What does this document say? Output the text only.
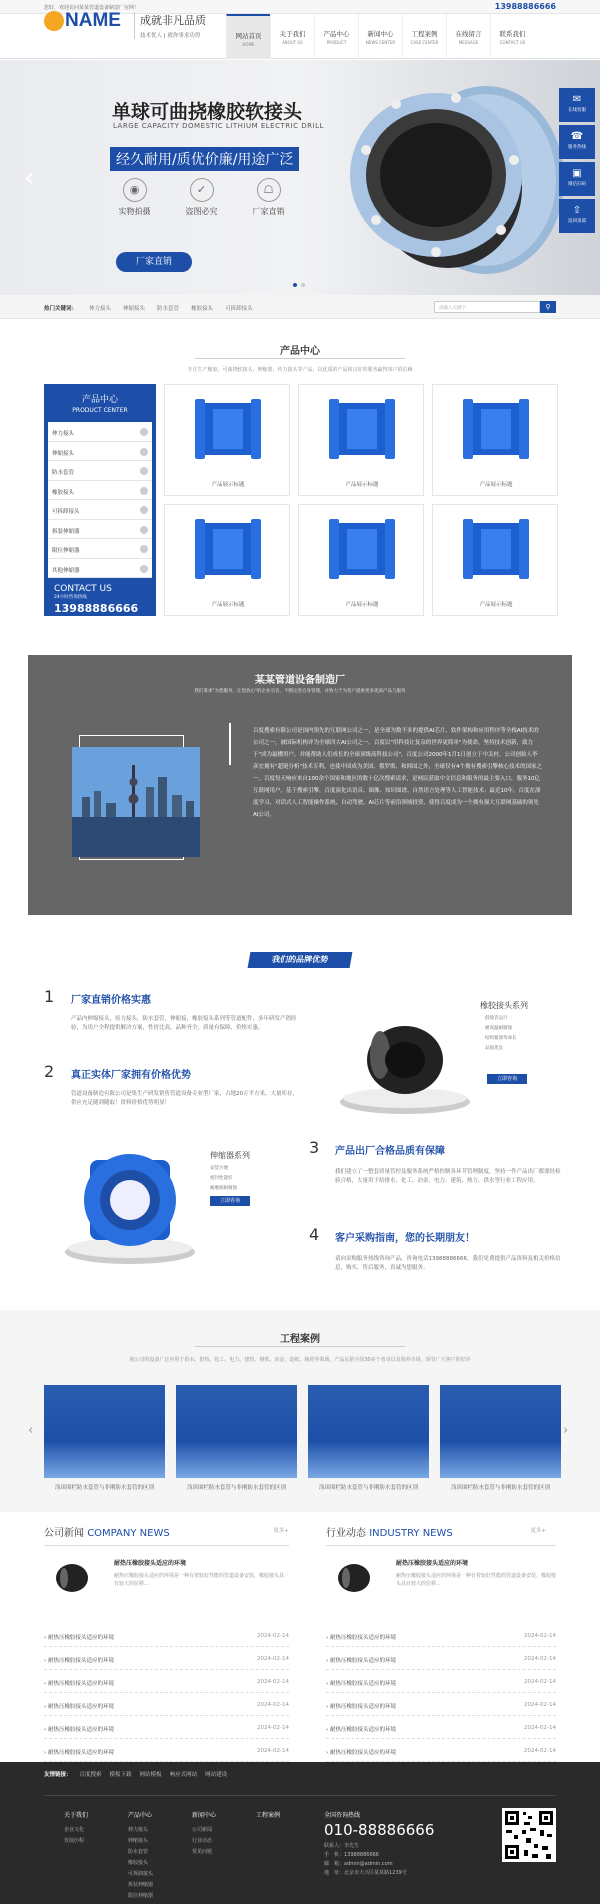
您好，欢迎访问某某管道设备制造厂官网！	13988886666
NAME 成就非凡品质
技术优人 | 就你事求功得	网站首页
HOME
关于我们
ABOUT US
产品中心
PRODUCT
新闻中心
NEWS CENTER
工程案例
CASE CENTER
在线留言
MESSAGE
联系我们
CONTACT US
‹
单球可曲挠橡胶软接头
LARGE CAPACITY DOMESTIC LITHIUM ELECTRIC DRILL
经久耐用/质优价廉/用途广泛
◉
实物拍摄
✓
盗图必究
☖
厂家直销
厂家直销
✉
在线客服
☎
服务热线
▣
微信扫码
⇧
返回顶部
热门关键词： 伸力接头 伸缩接头 防水套管 橡胶接头 可拆卸接头	请输入关键字	⚲
产品中心
专注生产橡胶，可曲挠软接头，伸缩器，传力接头等产品，以优质的产品和良好的服务赢得客户的信赖
产品中心
PRODUCT CENTER
伸力接头
伸缩接头
防水套管
橡胶接头
可拆卸接头
拆装伸缩器
限位伸缩器
其他伸缩器
CONTACT US
24小时咨询热线
13988886666
产品展示标题	产品展示标题	产品展示标题
产品展示标题	产品展示标题	产品展示标题
某某管道设备制造厂
我们秉承"为您服务，让您放心"的企业宗旨，不断完善自身管理，并致力于为客户提供更多优质产品与服务
百度搜索有限公司是国内领先的互联网公司之一，是全球为数不多的提供AI芯片、软件架构和应用程序等全栈AI技术的公司之一，被国际机构评为全球四大AI公司之一。百度以"用科技让复杂的世界更简单"为使命，坚持技术创新，致力于"成为最懂用户，并能帮助人们成长的全球顶级高科技公司"。百度公司2000年1月1日创立于中关村，公司创始人李彦宏拥有"超链分析"技术专利，也使中国成为美国、俄罗斯、和韩国之外，全球仅有4个拥有搜索引擎核心技术的国家之一。百度每天响应来自100余个国家和地区的数十亿次搜索请求，是网民获取中文信息和服务的最主要入口，服务10亿互联网用户。基于搜索引擎，百度演化出语音、图像、知识图谱、自然语言处理等人工智能技术；最近10年，百度在深度学习、对话式人工智能操作系统、自动驾驶、AI芯片等前沿领域投资，使得百度成为一个拥有强大互联网基础的领先AI公司。
我们的品牌优势
1 厂家直销价格实惠
产品内伸缩接头，传力接头，防水套管，伸缩接，橡胶接头系列等管道配件，多年研发产销经验，为用户全程提供解决方案，性价比高，品种齐全，质量有保障，价格实惠。
2 真正实体厂家拥有价格优势
管道设备制造有限公司是集生产研发销售管道设备专业型厂家，占地20万平方米，大量库存，供应充足随到随取！资料价格优势明显！
3 产品出厂合格品质有保障
我们建立了一整套质量管控及服务系统严格控制各环节管理制度，坚持一件产品出厂都要经检验合格，大量用于给排水、化工、冶金、电力、建筑、热力、供水等行业工程应用。
4 客户采购指南，您的长期朋友！
请向采购服务热线咨询产品，咨询电话13988886666，我们免费提供产品资料及相关价格信息，购买，售后服务，真诚为您服务。
橡胶接头系列
低噪音运行
耐高温耐腐蚀
结构紧凑寿命长
品质优良
立即咨询
伸缩器系列
安装方便
密封性能好
耐磨损耐腐蚀
立即咨询
工程案例
我公司的设备广泛应用于供水、供热、化工、电力、建筑、钢铁、冶金、造纸、制药等领域，产品远销全国30多个省市以及海外市场，深受广大客户的好评
‹	›
浅谈围栏防水套管与非刚防水套管的区别	浅谈围栏防水套管与非刚防水套管的区别	浅谈围栏防水套管与非刚防水套管的区别	浅谈围栏防水套管与非刚防水套管的区别
公司新闻 COMPANY NEWS	更多+
耐热压橡胶接头适应的环境
耐热压橡胶接头适应的环境是一种有着较好性能的管道设备安装，橡胶接头具有较大的位移...
› 耐热压橡胶接头适应的环境	2024-02-14
› 耐热压橡胶接头适应的环境	2024-02-14
› 耐热压橡胶接头适应的环境	2024-02-14
› 耐热压橡胶接头适应的环境	2024-02-14
› 耐热压橡胶接头适应的环境	2024-02-14
› 耐热压橡胶接头适应的环境	2024-02-14
行业动态 INDUSTRY NEWS	更多+
耐热压橡胶接头适应的环境
耐热压橡胶接头适应的环境是一种有着较好性能的管道设备安装，橡胶接头具有较大的位移...
› 耐热压橡胶接头适应的环境	2024-02-14
› 耐热压橡胶接头适应的环境	2024-02-14
› 耐热压橡胶接头适应的环境	2024-02-14
› 耐热压橡胶接头适应的环境	2024-02-14
› 耐热压橡胶接头适应的环境	2024-02-14
› 耐热压橡胶接头适应的环境	2024-02-14
友情链接： 百度搜索 模板下载 网站模板 响应式网站 网站建设
关于我们
企业文化
发展历程
产品中心
伸力接头
伸缩接头
防水套管
橡胶接头
可拆卸接头
拆装伸缩器
限位伸缩器
新闻中心
公司新闻
行业动态
常见问题
工程案例	全国咨询热线
010-88886666
联系人：李先生
手　机：13988886666
邮　箱：admin@admin.com
地　址：北京市大兴区某某路1239号
